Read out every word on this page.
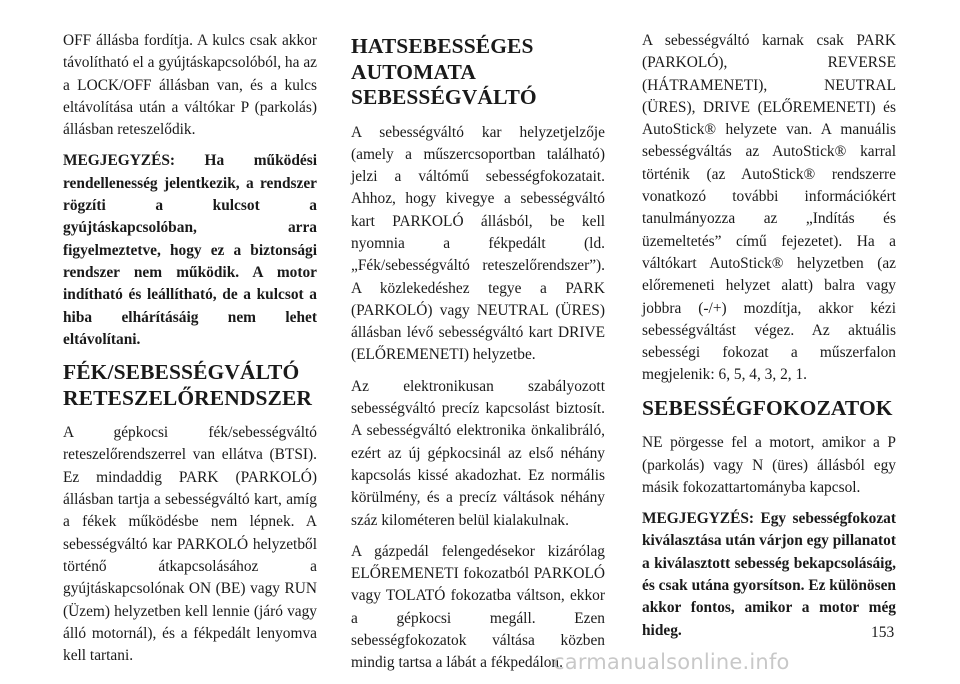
OFF állásba fordítja. A kulcs csak akkor távolítható el a gyújtáskapcsolóból, ha az a LOCK/OFF állásban van, és a kulcs eltávolítása után a váltókar P (parkolás) állásban reteszelődik.

MEGJEGYZÉS: Ha működési rendellenesség jelentkezik, a rendszer rögzíti a kulcsot a gyújtáskapcsolóban, arra figyelmeztetve, hogy ez a biztonsági rendszer nem működik. A motor indítható és leállítható, de a kulcsot a hiba elhárításáig nem lehet eltávolítani.

FÉK/SEBESSÉGVÁLTÓ RETESZELŐRENDSZER

A gépkocsi fék/sebességváltó reteszelőrendszerrel van ellátva (BTSI). Ez mindaddig PARK (PARKOLÓ) állásban tartja a sebességváltó kart, amíg a fékek működésbe nem lépnek. A sebességváltó kar PARKOLÓ helyzetből történő átkapcsolásához a gyújtáskapcsolónak ON (BE) vagy RUN (Üzem) helyzetben kell lennie (járó vagy álló motornál), és a fékpedált lenyomva kell tartani.

HATSEBESSÉGES AUTOMATA SEBESSÉGVÁLTÓ

A sebességváltó kar helyzetjelzője (amely a műszercsoportban található) jelzi a váltómű sebességfokozatait. Ahhoz, hogy kivegye a sebességváltó kart PARKOLÓ állásból, be kell nyomnia a fékpedált (ld. „Fék/sebességváltó reteszelőrendszer”). A közlekedéshez tegye a PARK (PARKOLÓ) vagy NEUTRAL (ÜRES) állásban lévő sebességváltó kart DRIVE (ELŐREMENETI) helyzetbe.

Az elektronikusan szabályozott sebességváltó precíz kapcsolást biztosít. A sebességváltó elektronika önkalibráló, ezért az új gépkocsinál az első néhány kapcsolás kissé akadozhat. Ez normális körülmény, és a precíz váltások néhány száz kilométeren belül kialakulnak.

A gázpedál felengedésekor kizárólag ELŐREMENETI fokozatból PARKOLÓ vagy TOLATÓ fokozatba váltson, ekkor a gépkocsi megáll. Ezen sebességfokozatok váltása közben mindig tartsa a lábát a fékpedálon.

A sebességváltó karnak csak PARK (PARKOLÓ), REVERSE (HÁTRAMENETI), NEUTRAL (ÜRES), DRIVE (ELŐREMENETI) és AutoStick® helyzete van. A manuális sebességváltás az AutoStick® karral történik (az AutoStick® rendszerre vonatkozó további információkért tanulmányozza az „Indítás és üzemeltetés” című fejezetet). Ha a váltókart AutoStick® helyzetben (az előremeneti helyzet alatt) balra vagy jobbra (-/+) mozdítja, akkor kézi sebességváltást végez. Az aktuális sebességi fokozat a műszerfalon megjelenik: 6, 5, 4, 3, 2, 1.

SEBESSÉGFOKOZATOK

NE pörgesse fel a motort, amikor a P (parkolás) vagy N (üres) állásból egy másik fokozattartományba kapcsol.

MEGJEGYZÉS: Egy sebességfokozat kiválasztása után várjon egy pillanatot a kiválasztott sebesség bekapcsolásáig, és csak utána gyorsítson. Ez különösen akkor fontos, amikor a motor még hideg.	153
carmanualsonline.info
